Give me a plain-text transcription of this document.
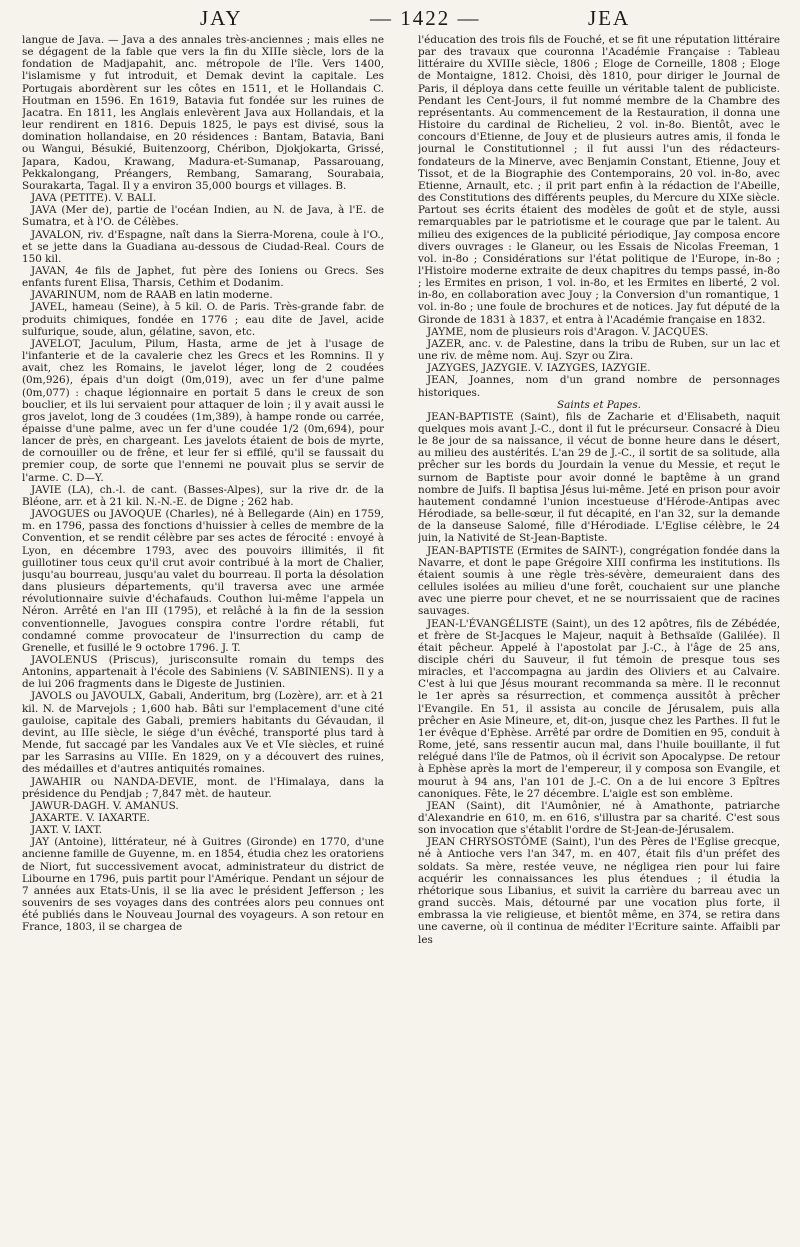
JAY	— 1422 —	JEA

langue de Java. — Java a des annales très-anciennes ; mais elles ne se dégagent de la fable que vers la fin du XIIIe siècle, lors de la fondation de Madjapahit, anc. métropole de l'île. Vers 1400, l'islamisme y fut introduit, et Demak devint la capitale. Les Portugais abordèrent sur les côtes en 1511, et le Hollandais C. Houtman en 1596. En 1619, Batavia fut fondée sur les ruines de Jacatra. En 1811, les Anglais enlevèrent Java aux Hollandais, et la leur rendirent en 1816. Depuis 1825, le pays est divisé, sous la domination hollandaise, en 20 résidences : Bantam, Batavia, Bani ou Wangui, Bésukié, Buitenzoorg, Chéribon, Djokjokarta, Grissé, Japara, Kadou, Krawang, Madura-et-Sumanap, Passarouang, Pekkalongang, Préangers, Rembang, Samarang, Sourabaia, Sourakarta, Tagal. Il y a environ 35,000 bourgs et villages. B.

JAVA (PETITE). V. BALI.

JAVA (Mer de), partie de l'océan Indien, au N. de Java, à l'E. de Sumatra, et à l'O. de Célèbes.

JAVALON, riv. d'Espagne, naît dans la Sierra-Morena, coule à l'O., et se jette dans la Guadiana au-dessous de Ciudad-Real. Cours de 150 kil.

JAVAN, 4e fils de Japhet, fut père des Ioniens ou Grecs. Ses enfants furent Elisa, Tharsis, Cethim et Dodanim.

JAVARINUM, nom de RAAB en latin moderne.

JAVEL, hameau (Seine), à 5 kil. O. de Paris. Très-grande fabr. de produits chimiques, fondée en 1776 ; eau dite de Javel, acide sulfurique, soude, alun, gélatine, savon, etc.

JAVELOT, Jaculum, Pilum, Hasta, arme de jet à l'usage de l'infanterie et de la cavalerie chez les Grecs et les Romnins. Il y avait, chez les Romains, le javelot léger, long de 2 coudées (0m,926), épais d'un doigt (0m,019), avec un fer d'une palme (0m,077) : chaque légionnaire en portait 5 dans le creux de son bouclier, et ils lui servaient pour attaquer de loin ; il y avait aussi le gros javelot, long de 3 coudées (1m,389), à hampe ronde ou carrée, épaisse d'une palme, avec un fer d'une coudée 1/2 (0m,694), pour lancer de près, en chargeant. Les javelots étaient de bois de myrte, de cornouiller ou de frêne, et leur fer si effilé, qu'il se faussait du premier coup, de sorte que l'ennemi ne pouvait plus se servir de l'arme. C. D—Y.

JAVIE (LA), ch.-l. de cant. (Basses-Alpes), sur la rive dr. de la Bléone, arr. et à 21 kil. N.-N.-E. de Digne ; 262 hab.

JAVOGUES ou JAVOQUE (Charles), né à Bellegarde (Ain) en 1759, m. en 1796, passa des fonctions d'huissier à celles de membre de la Convention, et se rendit célèbre par ses actes de férocité : envoyé à Lyon, en décembre 1793, avec des pouvoirs illimités, il fit guillotiner tous ceux qu'il crut avoir contribué à la mort de Chalier, jusqu'au bourreau, jusqu'au valet du bourreau. Il porta la désolation dans plusieurs départements, qu'il traversa avec une armée révolutionnaire suivie d'échafauds. Couthon lui-même l'appela un Néron. Arrêté en l'an III (1795), et relâché à la fin de la session conventionnelle, Javogues conspira contre l'ordre rétabli, fut condamné comme provocateur de l'insurrection du camp de Grenelle, et fusillé le 9 octobre 1796. J. T.

JAVOLENUS (Priscus), jurisconsulte romain du temps des Antonins, appartenait à l'école des Sabiniens (V. SABINIENS). Il y a de lui 206 fragments dans le Digeste de Justinien.

JAVOLS ou JAVOULX, Gabali, Anderitum, brg (Lozère), arr. et à 21 kil. N. de Marvejols ; 1,600 hab. Bâti sur l'emplacement d'une cité gauloise, capitale des Gabali, premiers habitants du Gévaudan, il devint, au IIIe siècle, le siége d'un évêché, transporté plus tard à Mende, fut saccagé par les Vandales aux Ve et VIe siècles, et ruiné par les Sarrasins au VIIIe. En 1829, on y a découvert des ruines, des médailles et d'autres antiquités romaines.

JAWAHIR ou NANDA-DEVIE, mont. de l'Himalaya, dans la présidence du Pendjab ; 7,847 mèt. de hauteur.

JAWUR-DAGH. V. AMANUS.

JAXARTE. V. IAXARTE.

JAXT. V. IAXT.

JAY (Antoine), littérateur, né à Guitres (Gironde) en 1770, d'une ancienne famille de Guyenne, m. en 1854, étudia chez les oratoriens de Niort, fut successivement avocat, administrateur du district de Libourne en 1796, puis partit pour l'Amérique. Pendant un séjour de 7 années aux Etats-Unis, il se lia avec le président Jefferson ; les souvenirs de ses voyages dans des contrées alors peu connues ont été publiés dans le Nouveau Journal des voyageurs. A son retour en France, 1803, il se chargea de

l'éducation des trois fils de Fouché, et se fit une réputation littéraire par des travaux que couronna l'Académie Française : Tableau littéraire du XVIIIe siècle, 1806 ; Eloge de Corneille, 1808 ; Eloge de Montaigne, 1812. Choisi, dès 1810, pour diriger le Journal de Paris, il déploya dans cette feuille un véritable talent de publiciste. Pendant les Cent-Jours, il fut nommé membre de la Chambre des représentants. Au commencement de la Restauration, il donna une Histoire du cardinal de Richelieu, 2 vol. in-8o. Bientôt, avec le concours d'Etienne, de Jouy et de plusieurs autres amis, il fonda le journal le Constitutionnel ; il fut aussi l'un des rédacteurs-fondateurs de la Minerve, avec Benjamin Constant, Etienne, Jouy et Tissot, et de la Biographie des Contemporains, 20 vol. in-8o, avec Etienne, Arnault, etc. ; il prit part enfin à la rédaction de l'Abeille, des Constitutions des différents peuples, du Mercure du XIXe siècle. Partout ses écrits étaient des modèles de goût et de style, aussi remarquables par le patriotisme et le courage que par le talent. Au milieu des exigences de la publicité périodique, Jay composa encore divers ouvrages : le Glaneur, ou les Essais de Nicolas Freeman, 1 vol. in-8o ; Considérations sur l'état politique de l'Europe, in-8o ; l'Histoire moderne extraite de deux chapitres du temps passé, in-8o ; les Ermites en prison, 1 vol. in-8o, et les Ermites en liberté, 2 vol. in-8o, en collaboration avec Jouy ; la Conversion d'un romantique, 1 vol. in-8o ; une foule de brochures et de notices. Jay fut député de la Gironde de 1831 à 1837, et entra à l'Académie française en 1832.

JAYME, nom de plusieurs rois d'Aragon. V. JACQUES.

JAZER, anc. v. de Palestine, dans la tribu de Ruben, sur un lac et une riv. de même nom. Auj. Szyr ou Zira.

JAZYGES, JAZYGIE. V. IAZYGES, IAZYGIE.

JEAN, Joannes, nom d'un grand nombre de personnages historiques.

Saints et Papes.

JEAN-BAPTISTE (Saint), fils de Zacharie et d'Elisabeth, naquit quelques mois avant J.-C., dont il fut le précurseur. Consacré à Dieu le 8e jour de sa naissance, il vécut de bonne heure dans le désert, au milieu des austérités. L'an 29 de J.-C., il sortit de sa solitude, alla prêcher sur les bords du Jourdain la venue du Messie, et reçut le surnom de Baptiste pour avoir donné le baptême à un grand nombre de Juifs. Il baptisa Jésus lui-même. Jeté en prison pour avoir hautement condamné l'union incestueuse d'Hérode-Antipas avec Hérodiade, sa belle-sœur, il fut décapité, en l'an 32, sur la demande de la danseuse Salomé, fille d'Hérodiade. L'Eglise célèbre, le 24 juin, la Nativité de St-Jean-Baptiste.

JEAN-BAPTISTE (Ermites de SAINT-), congrégation fondée dans la Navarre, et dont le pape Grégoire XIII confirma les institutions. Ils étaient soumis à une règle très-sévère, demeuraient dans des cellules isolées au milieu d'une forêt, couchaient sur une planche avec une pierre pour chevet, et ne se nourrissaient que de racines sauvages.

JEAN-L'ÉVANGÉLISTE (Saint), un des 12 apôtres, fils de Zébédée, et frère de St-Jacques le Majeur, naquit à Bethsaïde (Galilée). Il était pêcheur. Appelé à l'apostolat par J.-C., à l'âge de 25 ans, disciple chéri du Sauveur, il fut témoin de presque tous ses miracles, et l'accompagna au jardin des Oliviers et au Calvaire. C'est à lui que Jésus mourant recommanda sa mère. Il le reconnut le 1er après sa résurrection, et commença aussitôt à prêcher l'Evangile. En 51, il assista au concile de Jérusalem, puis alla prêcher en Asie Mineure, et, dit-on, jusque chez les Parthes. Il fut le 1er évêque d'Ephèse. Arrêté par ordre de Domitien en 95, conduit à Rome, jeté, sans ressentir aucun mal, dans l'huile bouillante, il fut relégué dans l'île de Patmos, où il écrivit son Apocalypse. De retour à Ephèse après la mort de l'empereur, il y composa son Evangile, et mourut à 94 ans, l'an 101 de J.-C. On a de lui encore 3 Epîtres canoniques. Fête, le 27 décembre. L'aigle est son emblème.

JEAN (Saint), dit l'Aumônier, né à Amathonte, patriarche d'Alexandrie en 610, m. en 616, s'illustra par sa charité. C'est sous son invocation que s'établit l'ordre de St-Jean-de-Jérusalem.

JEAN CHRYSOSTÔME (Saint), l'un des Pères de l'Eglise grecque, né à Antioche vers l'an 347, m. en 407, était fils d'un préfet des soldats. Sa mère, restée veuve, ne négligea rien pour lui faire acquérir les connaissances les plus étendues ; il étudia la rhétorique sous Libanius, et suivit la carrière du barreau avec un grand succès. Mais, détourné par une vocation plus forte, il embrassa la vie religieuse, et bientôt même, en 374, se retira dans une caverne, où il continua de méditer l'Ecriture sainte. Affaibli par les
